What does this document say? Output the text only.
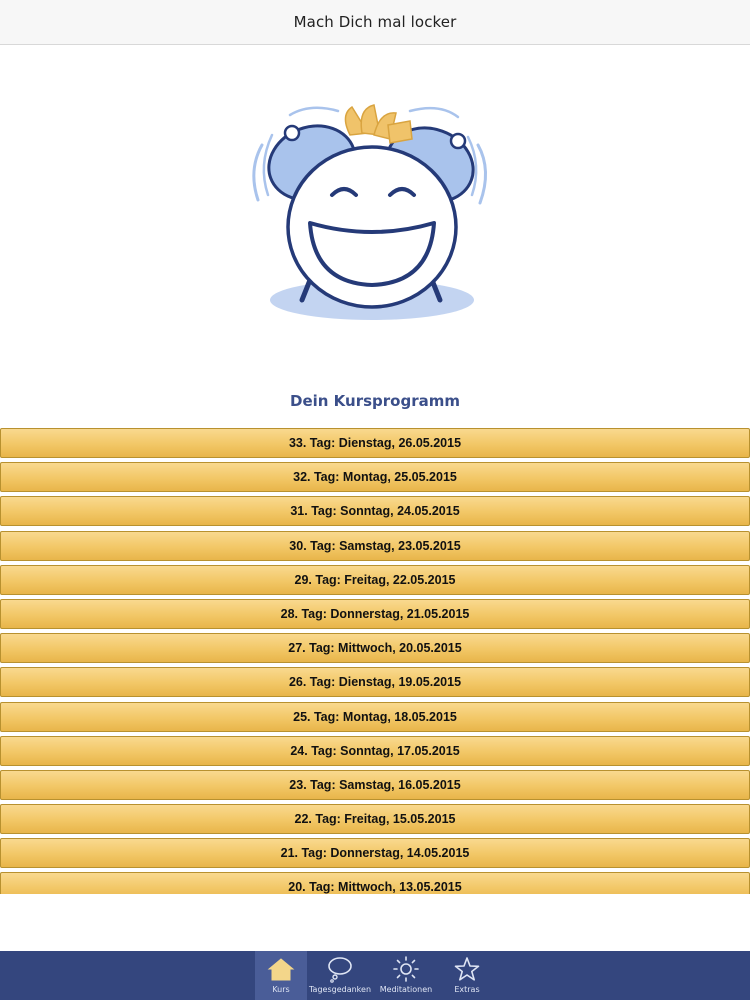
Mach Dich mal locker
Dein Kursprogramm
33. Tag: Dienstag, 26.05.2015
32. Tag: Montag, 25.05.2015
31. Tag: Sonntag, 24.05.2015
30. Tag: Samstag, 23.05.2015
29. Tag: Freitag, 22.05.2015
28. Tag: Donnerstag, 21.05.2015
27. Tag: Mittwoch, 20.05.2015
26. Tag: Dienstag, 19.05.2015
25. Tag: Montag, 18.05.2015
24. Tag: Sonntag, 17.05.2015
23. Tag: Samstag, 16.05.2015
22. Tag: Freitag, 15.05.2015
21. Tag: Donnerstag, 14.05.2015
20. Tag: Mittwoch, 13.05.2015
Kurs Tagesgedanken Meditationen	Extras
